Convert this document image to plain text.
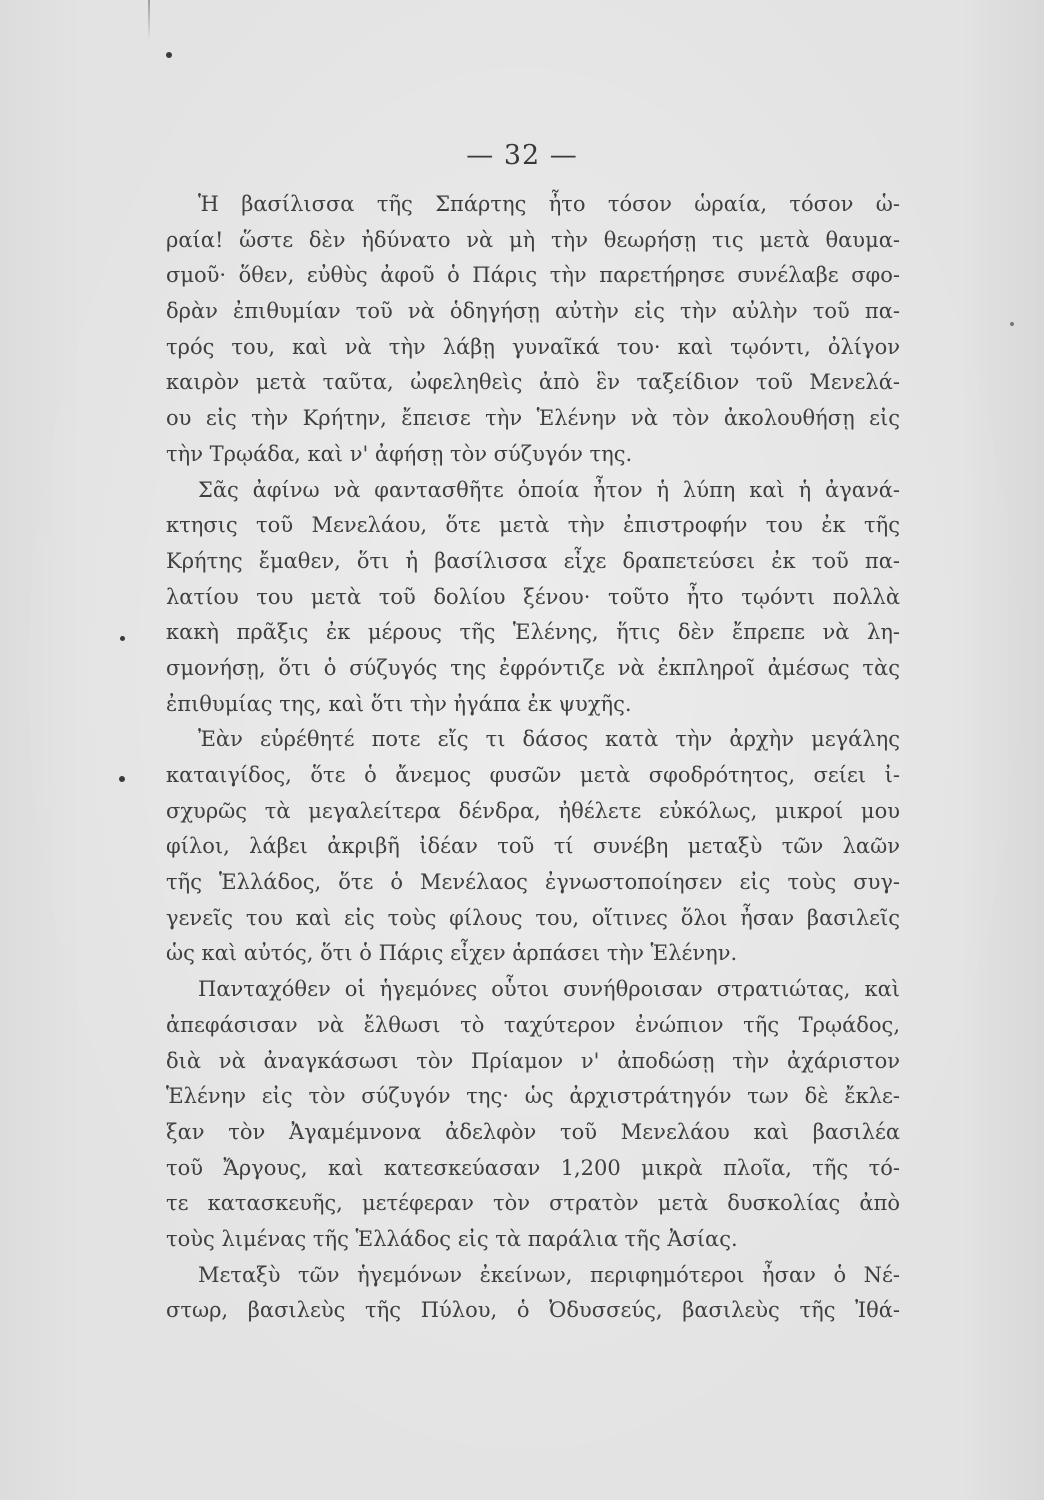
— 32 —
Ἡ βασίλισσα τῆς Σπάρτης ἦτο τόσον ὡραία, τόσον ὡ-
ραία! ὥστε δὲν ἠδύνατο νὰ μὴ τὴν θεωρήσῃ τις μετὰ θαυμα-
σμοῦ· ὅθεν, εὐθὺς ἀφοῦ ὁ Πάρις τὴν παρετήρησε συνέλαβε σφο-
δρὰν ἐπιθυμίαν τοῦ νὰ ὁδηγήσῃ αὐτὴν εἰς τὴν αὐλὴν τοῦ πα-
τρός του, καὶ νὰ τὴν λάβῃ γυναῖκά του· καὶ τῳόντι, ὀλίγον
καιρὸν μετὰ ταῦτα, ὠφεληθεὶς ἀπὸ ἓν ταξείδιον τοῦ Μενελά-
ου εἰς τὴν Κρήτην, ἔπεισε τὴν Ἑλένην νὰ τὸν ἀκολουθήσῃ εἰς
τὴν Τρῳάδα, καὶ ν' ἀφήσῃ τὸν σύζυγόν της.
Σᾶς ἀφίνω νὰ φαντασθῆτε ὁποία ἦτον ἡ λύπη καὶ ἡ ἀγανά-
κτησις τοῦ Μενελάου, ὅτε μετὰ τὴν ἐπιστροφήν του ἐκ τῆς
Κρήτης ἔμαθεν, ὅτι ἡ βασίλισσα εἶχε δραπετεύσει ἐκ τοῦ πα-
λατίου του μετὰ τοῦ δολίου ξένου· τοῦτο ἦτο τῳόντι πολλὰ
κακὴ πρᾶξις ἐκ μέρους τῆς Ἑλένης, ἥτις δὲν ἔπρεπε νὰ λη-
σμονήσῃ, ὅτι ὁ σύζυγός της ἐφρόντιζε νὰ ἐκπληροῖ ἀμέσως τὰς
ἐπιθυμίας της, καὶ ὅτι τὴν ἠγάπα ἐκ ψυχῆς.
Ἐὰν εὑρέθητέ ποτε εἴς τι δάσος κατὰ τὴν ἀρχὴν μεγάλης
καταιγίδος, ὅτε ὁ ἄνεμος φυσῶν μετὰ σφοδρότητος, σείει ἰ-
σχυρῶς τὰ μεγαλείτερα δένδρα, ἠθέλετε εὐκόλως, μικροί μου
φίλοι, λάβει ἀκριβῆ ἰδέαν τοῦ τί συνέβη μεταξὺ τῶν λαῶν
τῆς Ἑλλάδος, ὅτε ὁ Μενέλαος ἐγνωστοποίησεν εἰς τοὺς συγ-
γενεῖς του καὶ εἰς τοὺς φίλους του, οἵτινες ὅλοι ἦσαν βασιλεῖς
ὡς καὶ αὐτός, ὅτι ὁ Πάρις εἶχεν ἁρπάσει τὴν Ἑλένην.
Πανταχόθεν οἱ ἡγεμόνες οὗτοι συνήθροισαν στρατιώτας, καὶ
ἀπεφάσισαν νὰ ἔλθωσι τὸ ταχύτερον ἐνώπιον τῆς Τρῳάδος,
διὰ νὰ ἀναγκάσωσι τὸν Πρίαμον ν' ἀποδώσῃ τὴν ἀχάριστον
Ἑλένην εἰς τὸν σύζυγόν της· ὡς ἀρχιστράτηγόν των δὲ ἔκλε-
ξαν τὸν Ἀγαμέμνονα ἀδελφὸν τοῦ Μενελάου καὶ βασιλέα
τοῦ Ἄργους, καὶ κατεσκεύασαν 1,200 μικρὰ πλοῖα, τῆς τό-
τε κατασκευῆς, μετέφεραν τὸν στρατὸν μετὰ δυσκολίας ἀπὸ
τοὺς λιμένας τῆς Ἑλλάδος εἰς τὰ παράλια τῆς Ἀσίας.
Μεταξὺ τῶν ἡγεμόνων ἐκείνων, περιφημότεροι ἦσαν ὁ Νέ-
στωρ, βασιλεὺς τῆς Πύλου, ὁ Ὀδυσσεύς, βασιλεὺς τῆς Ἰθά-
